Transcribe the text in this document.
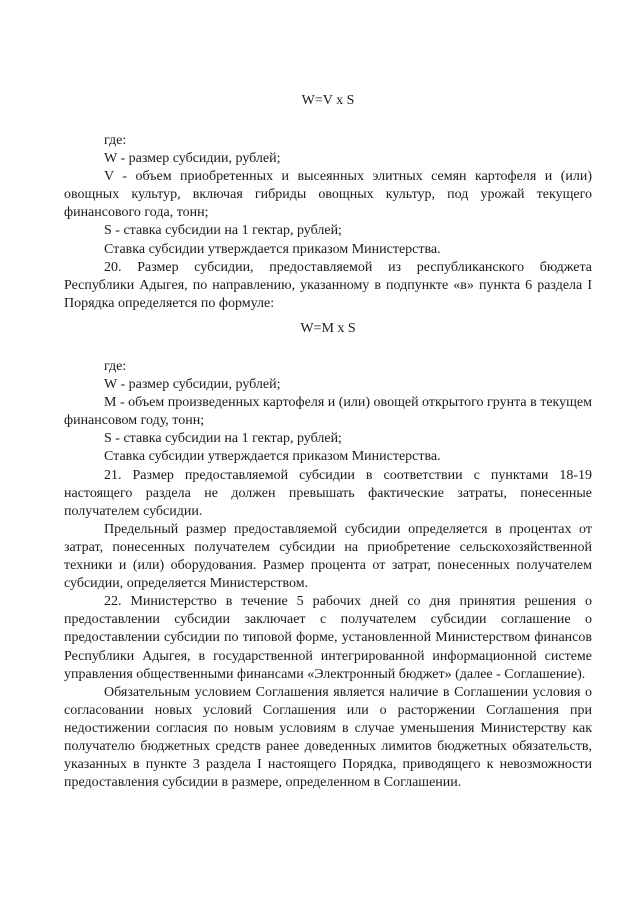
W=V x S

где:

W - размер субсидии, рублей;

V - объем приобретенных и высеянных элитных семян картофеля и (или) овощных культур, включая гибриды овощных культур, под урожай текущего финансового года, тонн;

S - ставка субсидии на 1 гектар, рублей;

Ставка субсидии утверждается приказом Министерства.

20. Размер субсидии, предоставляемой из республиканского бюджета Республики Адыгея, по направлению, указанному в подпункте «в» пункта 6 раздела I Порядка определяется по формуле:

W=M x S

где:

W - размер субсидии, рублей;

M - объем произведенных картофеля и (или) овощей открытого грунта в текущем финансовом году, тонн;

S - ставка субсидии на 1 гектар, рублей;

Ставка субсидии утверждается приказом Министерства.

21. Размер предоставляемой субсидии в соответствии с пунктами 18-19 настоящего раздела не должен превышать фактические затраты, понесенные получателем субсидии.

Предельный размер предоставляемой субсидии определяется в процентах от затрат, понесенных получателем субсидии на приобретение сельскохозяйственной техники и (или) оборудования. Размер процента от затрат, понесенных получателем субсидии, определяется Министерством.

22. Министерство в течение 5 рабочих дней со дня принятия решения о предоставлении субсидии заключает с получателем субсидии соглашение о предоставлении субсидии по типовой форме, установленной Министерством финансов Республики Адыгея, в государственной интегрированной информационной системе управления общественными финансами «Электронный бюджет» (далее - Соглашение).

Обязательным условием Соглашения является наличие в Соглашении условия о согласовании новых условий Соглашения или о расторжении Соглашения при недостижении согласия по новым условиям в случае уменьшения Министерству как получателю бюджетных средств ранее доведенных лимитов бюджетных обязательств, указанных в пункте 3 раздела I настоящего Порядка, приводящего к невозможности предоставления субсидии в размере, определенном в Соглашении.
